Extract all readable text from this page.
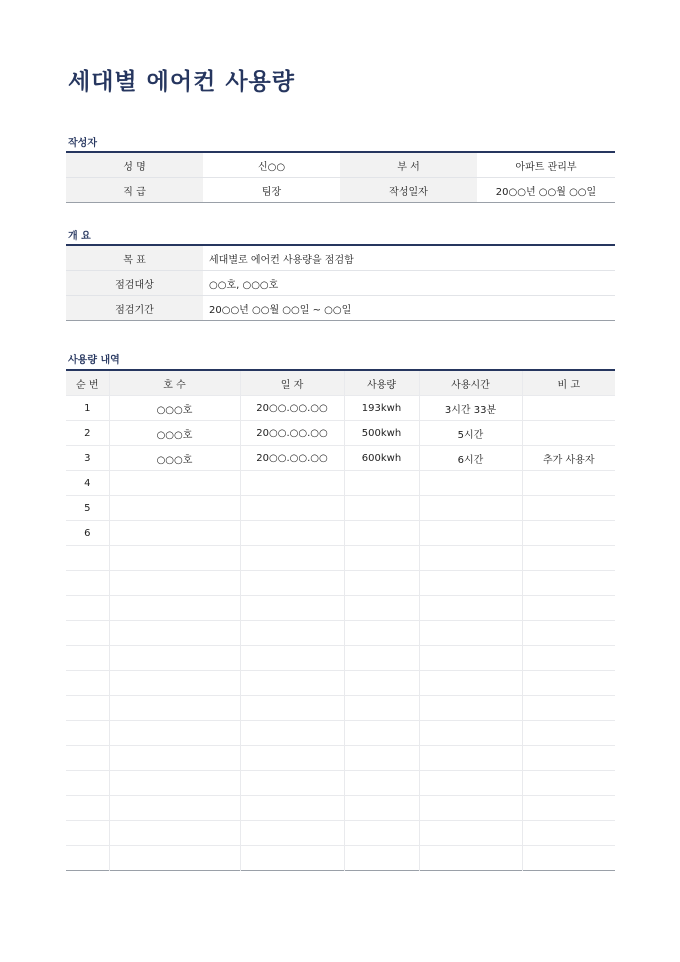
세대별 에어컨 사용량
작성자
성 명	신○○	부 서	아파트 관리부
직 급	팀장	작성일자	20○○년 ○○월 ○○일
개 요
목 표	세대별로 에어컨 사용량을 점검함
점검대상	○○호, ○○○호
점검기간	20○○년 ○○월 ○○일 ~ ○○일
사용량 내역
순 번	호 수	일 자	사용량	사용시간	비 고
1	○○○호	20○○.○○.○○	193kwh	3시간 33분	
2	○○○호	20○○.○○.○○	500kwh	5시간	
3	○○○호	20○○.○○.○○	600kwh	6시간	추가 사용자
4					
5					
6					
